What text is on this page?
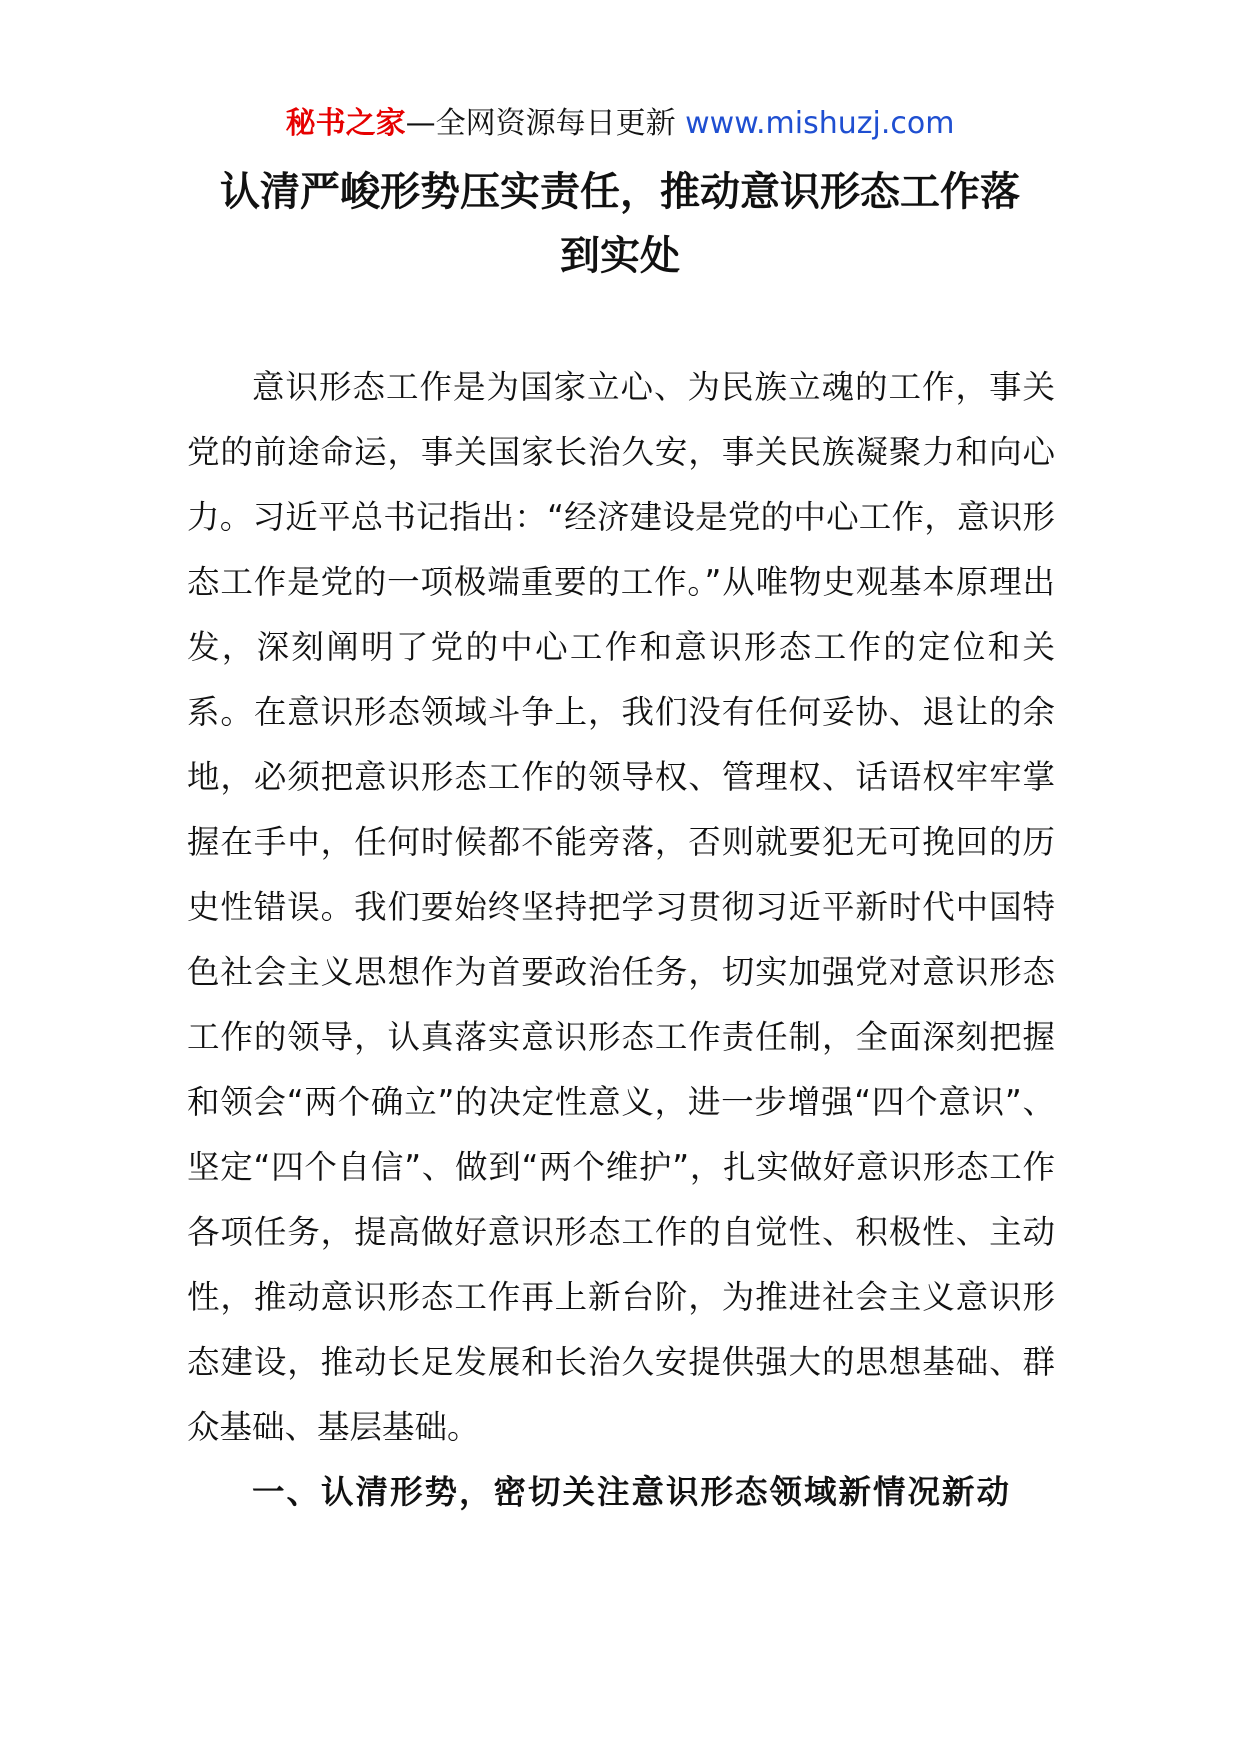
秘书之家—全网资源每日更新 www.mishuzj.com
认清严峻形势压实责任，推动意识形态工作落
到实处

意识形态工作是为国家立心、为民族立魂的工作，事关党的前途命运，事关国家长治久安，事关民族凝聚力和向心力。习近平总书记指出：“经济建设是党的中心工作，意识形态工作是党的一项极端重要的工作。”从唯物史观基本原理出发，深刻阐明了党的中心工作和意识形态工作的定位和关系。在意识形态领域斗争上，我们没有任何妥协、退让的余地，必须把意识形态工作的领导权、管理权、话语权牢牢掌握在手中，任何时候都不能旁落，否则就要犯无可挽回的历史性错误。我们要始终坚持把学习贯彻习近平新时代中国特色社会主义思想作为首要政治任务，切实加强党对意识形态工作的领导，认真落实意识形态工作责任制，全面深刻把握和领会“两个确立”的决定性意义，进一步增强“四个意识”、坚定“四个自信”、做到“两个维护”，扎实做好意识形态工作各项任务，提高做好意识形态工作的自觉性、积极性、主动性，推动意识形态工作再上新台阶，为推进社会主义意识形态建设，推动长足发展和长治久安提供强大的思想基础、群众基础、基层基础。

一、认清形势，密切关注意识形态领域新情况新动
